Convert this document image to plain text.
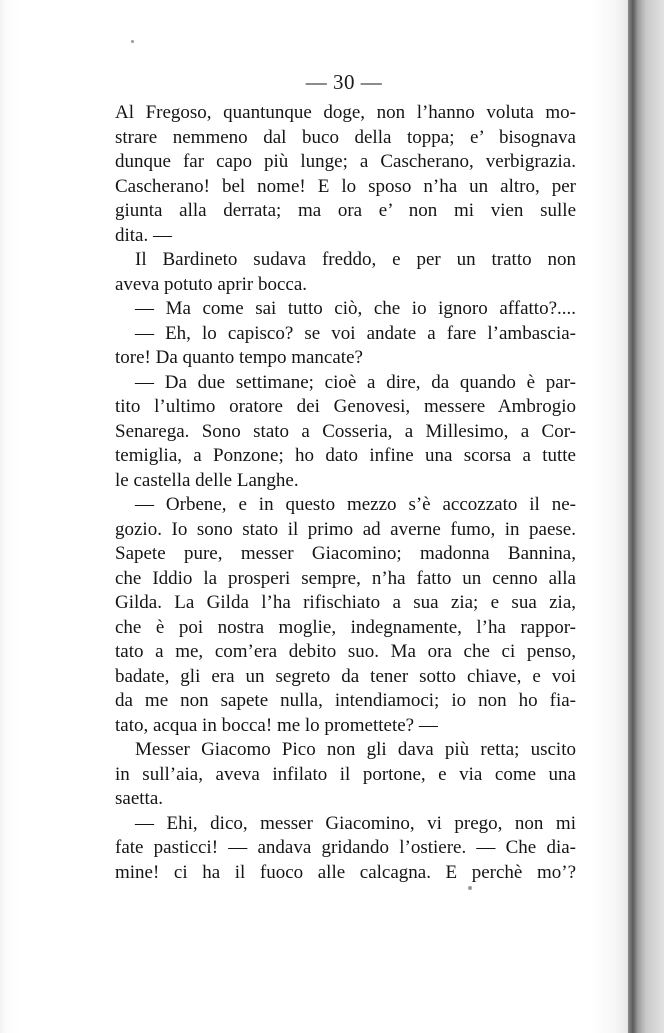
— 30 —
Al Fregoso, quantunque doge, non l’hanno voluta mo-
strare nemmeno dal buco della toppa; e’ bisognava
dunque far capo più lunge; a Cascherano, verbigrazia.
Cascherano! bel nome! E lo sposo n’ha un altro, per
giunta alla derrata; ma ora e’ non mi vien sulle
dita. —
Il Bardineto sudava freddo, e per un tratto non
aveva potuto aprir bocca.
— Ma come sai tutto ciò, che io ignoro affatto?....
— Eh, lo capisco? se voi andate a fare l’ambascia-
tore! Da quanto tempo mancate?
— Da due settimane; cioè a dire, da quando è par-
tito l’ultimo oratore dei Genovesi, messere Ambrogio
Senarega. Sono stato a Cosseria, a Millesimo, a Cor-
temiglia, a Ponzone; ho dato infine una scorsa a tutte
le castella delle Langhe.
— Orbene, e in questo mezzo s’è accozzato il ne-
gozio. Io sono stato il primo ad averne fumo, in paese.
Sapete pure, messer Giacomino; madonna Bannina,
che Iddio la prosperi sempre, n’ha fatto un cenno alla
Gilda. La Gilda l’ha rifischiato a sua zia; e sua zia,
che è poi nostra moglie, indegnamente, l’ha rappor-
tato a me, com’era debito suo. Ma ora che ci penso,
badate, gli era un segreto da tener sotto chiave, e voi
da me non sapete nulla, intendiamoci; io non ho fia-
tato, acqua in bocca! me lo promettete? —
Messer Giacomo Pico non gli dava più retta; uscito
in sull’aia, aveva infilato il portone, e via come una
saetta.
— Ehi, dico, messer Giacomino, vi prego, non mi
fate pasticci! — andava gridando l’ostiere. — Che dia-
mine! ci ha il fuoco alle calcagna. E perchè mo’?
